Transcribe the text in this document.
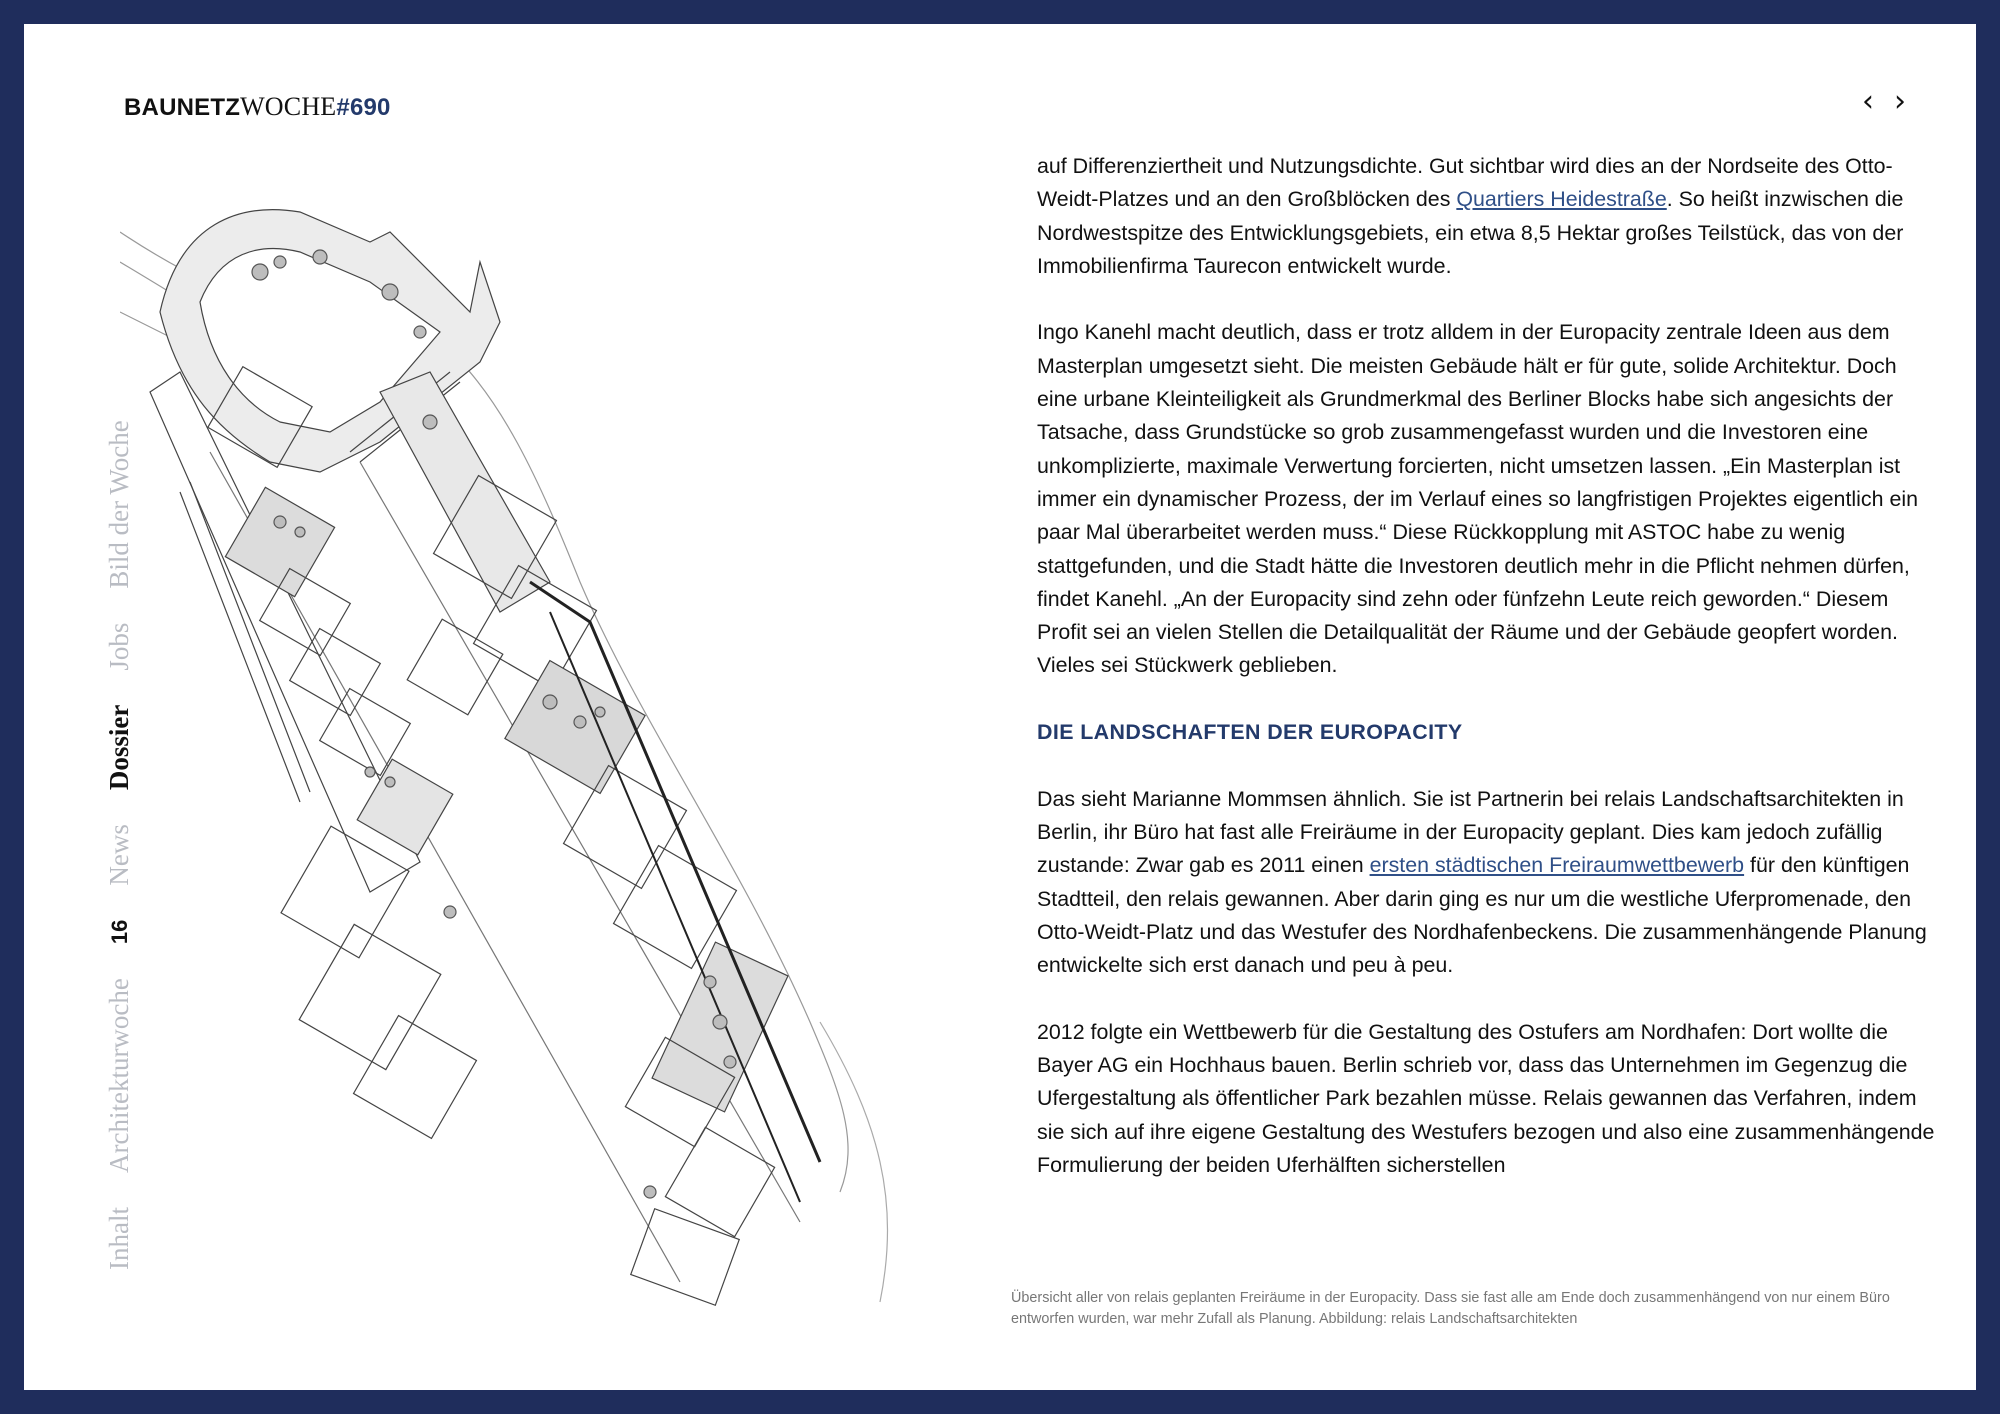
BAUNETZWOCHE#690	‹ ›
Inhalt
Architekturwoche
16
News
Dossier
Jobs
Bild der Woche

auf Differenziertheit und Nutzungsdichte. Gut sichtbar wird dies an der Nordseite des Otto-Weidt-Platzes und an den Großblöcken des Quartiers Heidestraße. So heißt inzwischen die Nordwestspitze des Entwicklungsgebiets, ein etwa 8,5 Hektar großes Teilstück, das von der Immobilienfirma Taurecon entwickelt wurde.

Ingo Kanehl macht deutlich, dass er trotz alldem in der Europacity zentrale Ideen aus dem Masterplan umgesetzt sieht. Die meisten Gebäude hält er für gute, solide Architektur. Doch eine urbane Kleinteiligkeit als Grundmerkmal des Berliner Blocks habe sich angesichts der Tatsache, dass Grundstücke so grob zusammengefasst wurden und die Investoren eine unkomplizierte, maximale Verwertung forcierten, nicht umsetzen lassen. „Ein Masterplan ist immer ein dynamischer Prozess, der im Verlauf eines so langfristigen Projektes eigentlich ein paar Mal überarbeitet werden muss.“ Diese Rückkopplung mit ASTOC habe zu wenig stattgefunden, und die Stadt hätte die Investoren deutlich mehr in die Pflicht nehmen dürfen, findet Kanehl. „An der Europacity sind zehn oder fünfzehn Leute reich geworden.“ Diesem Profit sei an vielen Stellen die Detailqualität der Räume und der Gebäude geopfert worden. Vieles sei Stückwerk geblieben.

DIE LANDSCHAFTEN DER EUROPACITY

Das sieht Marianne Mommsen ähnlich. Sie ist Partnerin bei relais Landschaftsarchitekten in Berlin, ihr Büro hat fast alle Freiräume in der Europacity geplant. Dies kam jedoch zufällig zustande: Zwar gab es 2011 einen ersten städtischen Freiraumwettbewerb für den künftigen Stadtteil, den relais gewannen. Aber darin ging es nur um die westliche Uferpromenade, den Otto-Weidt-Platz und das Westufer des Nordhafenbeckens. Die zusammenhängende Planung entwickelte sich erst danach und peu à peu.

2012 folgte ein Wettbewerb für die Gestaltung des Ostufers am Nordhafen: Dort wollte die Bayer AG ein Hochhaus bauen. Berlin schrieb vor, dass das Unternehmen im Gegenzug die Ufergestaltung als öffentlicher Park bezahlen müsse. Relais gewannen das Verfahren, indem sie sich auf ihre eigene Gestaltung des Westufers bezogen und also eine zusammenhängende Formulierung der beiden Uferhälften sicherstellen

Übersicht aller von relais geplanten Freiräume in der Europacity. Dass sie fast alle am Ende doch zusammenhängend von nur einem Büro entworfen wurden, war mehr Zufall als Planung. Abbildung: relais Landschaftsarchitekten
